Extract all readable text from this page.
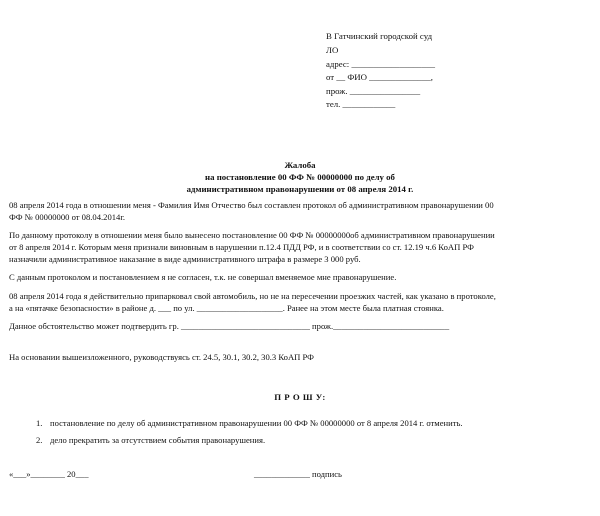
В Гатчинский городской суд
ЛО
адрес: ___________________
от __ ФИО ______________,
прож. ________________
тел. ____________
Жалоба
на постановление 00 ФФ № 00000000 по делу об
административном правонарушении от 08 апреля 2014 г.
08 апреля 2014 года в отношении меня - Фамилия Имя Отчество был составлен протокол об административном правонарушении 00
ФФ № 00000000 от 08.04.2014г.
По данному протоколу в отношении меня было вынесено постановление 00 ФФ № 00000000об административном правонарушении
от 8 апреля 2014 г. Которым меня признали виновным в нарушении п.12.4 ПДД РФ, и в соответствии со ст. 12.19 ч.6 КоАП РФ
назначили административное наказание в виде административного штрафа в размере 3 000 руб.
С данным протоколом и постановлением я не согласен, т.к. не совершал вменяемое мне правонарушение.
08 апреля 2014 года я действительно припарковал свой автомобиль, но не на пересечении проезжих частей, как указано в протоколе,
а на «пятачке безопасности» в районе д. ___ по ул. ____________________. Ранее на этом месте была платная стоянка.
Данное обстоятельство может подтвердить гр. ______________________________ прож.___________________________
На основании вышеизложенного, руководствуясь ст. 24.5, 30.1, 30.2, 30.3 КоАП РФ
П Р О Ш У:
1. постановление по делу об административном правонарушении 00 ФФ № 00000000 от 8 апреля 2014 г. отменить.
2. дело прекратить за отсутствием события правонарушения.
«___»________ 20___	_____________ подпись
